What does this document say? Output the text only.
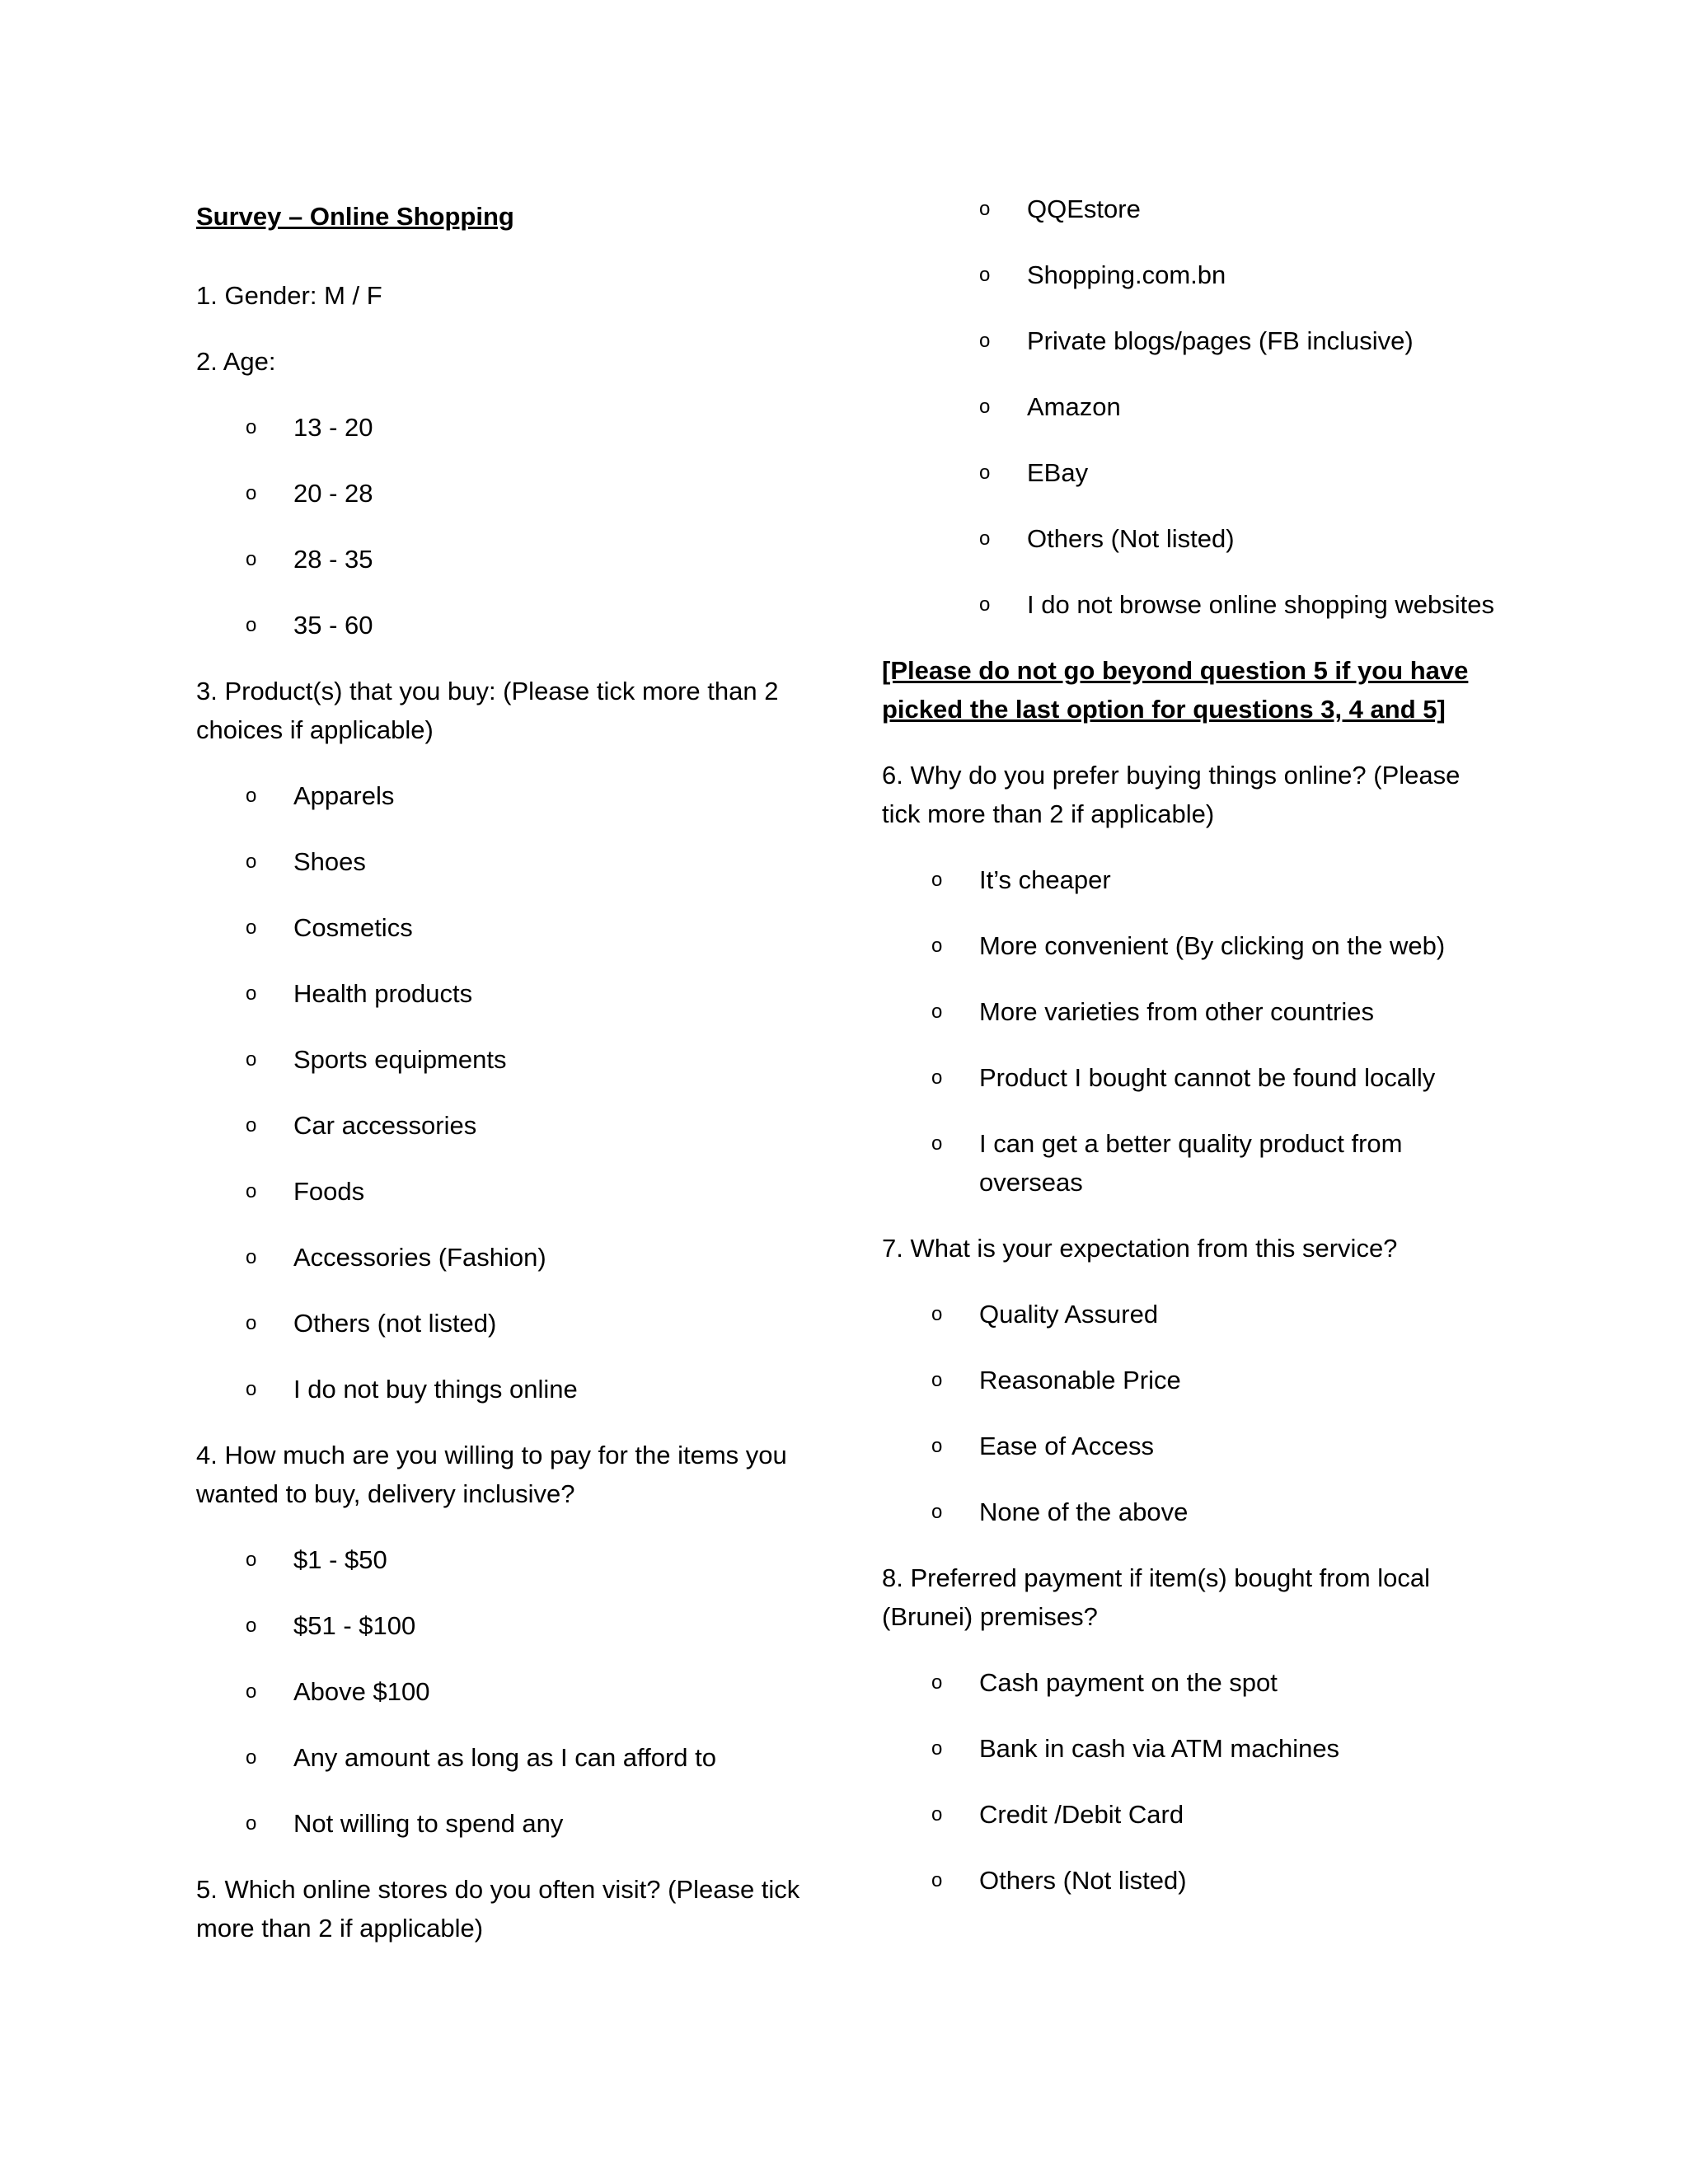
Survey – Online Shopping
1. Gender: M / F
2. Age:
o 13 - 20
o 20 - 28
o 28 - 35
o 35 - 60
3. Product(s) that you buy: (Please tick more than 2 choices if applicable)
o Apparels
o Shoes
o Cosmetics
o Health products
o Sports equipments
o Car accessories
o Foods
o Accessories (Fashion)
o Others (not listed)
o I do not buy things online
4. How much are you willing to pay for the items you wanted to buy, delivery inclusive?
o $1 - $50
o $51 - $100
o Above $100
o Any amount as long as I can afford to
o Not willing to spend any
5. Which online stores do you often visit? (Please tick more than 2 if applicable)
o QQEstore
o Shopping.com.bn
o Private blogs/pages (FB inclusive)
o Amazon
o EBay
o Others (Not listed)
o I do not browse online shopping websites
[Please do not go beyond question 5 if you have picked the last option for questions 3, 4 and 5]
6. Why do you prefer buying things online? (Please tick more than 2 if applicable)
o It’s cheaper
o More convenient (By clicking on the web)
o More varieties from other countries
o Product I bought cannot be found locally
o I can get a better quality product from overseas
7. What is your expectation from this service?
o Quality Assured
o Reasonable Price
o Ease of Access
o None of the above
8. Preferred payment if item(s) bought from local (Brunei) premises?
o Cash payment on the spot
o Bank in cash via ATM machines
o Credit /Debit Card
o Others (Not listed)
